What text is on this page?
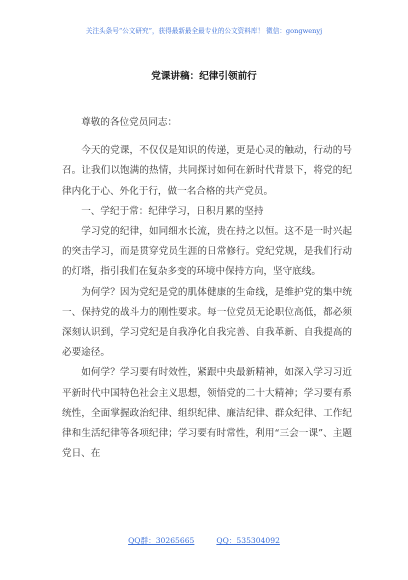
关注头条号“公文研究”，获得最新最全最专业的公文资料库！ 微信：gongwenyj
党课讲稿：纪律引领前行

尊敬的各位党员同志：

今天的党课，不仅仅是知识的传递，更是心灵的触动，行动的号召。让我们以饱满的热情，共同探讨如何在新时代背景下，将党的纪律内化于心、外化于行，做一名合格的共产党员。

一、学纪于常：纪律学习，日积月累的坚持

学习党的纪律，如同细水长流，贵在持之以恒。这不是一时兴起的突击学习，而是贯穿党员生涯的日常修行。党纪党规，是我们行动的灯塔，指引我们在复杂多变的环境中保持方向，坚守底线。

为何学？因为党纪是党的肌体健康的生命线，是维护党的集中统一、保持党的战斗力的刚性要求。每一位党员无论职位高低，都必须深刻认识到，学习党纪是自我净化自我完善、自我革新、自我提高的必要途径。

如何学？学习要有时效性，紧跟中央最新精神，如深入学习习近平新时代中国特色社会主义思想，领悟党的二十大精神；学习要有系统性，全面掌握政治纪律、组织纪律、廉洁纪律、群众纪律、工作纪律和生活纪律等各项纪律；学习要有时常性，利用“三会一课”、主题党日、在

QQ群：30265665	QQ：535304092
